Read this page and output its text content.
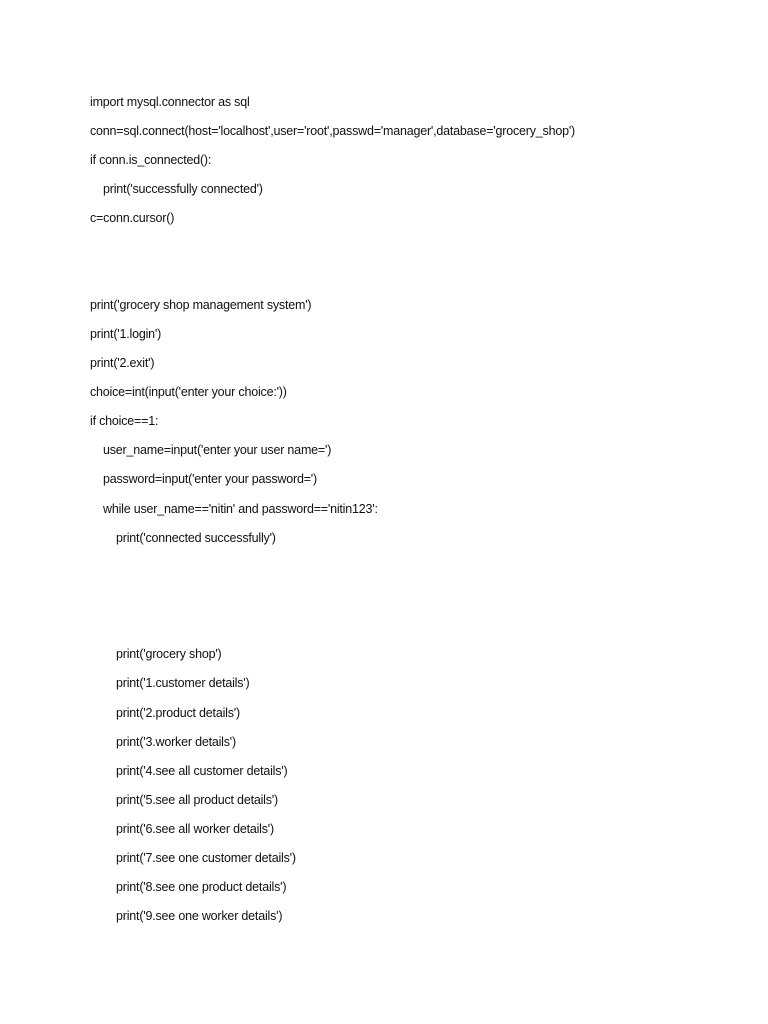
import mysql.connector as sql
conn=sql.connect(host='localhost',user='root',passwd='manager',database='grocery_shop')
if conn.is_connected():
print('successfully connected')
c=conn.cursor()
print('grocery shop management system')
print('1.login')
print('2.exit')
choice=int(input('enter your choice:'))
if choice==1:
user_name=input('enter your user name=')
password=input('enter your password=')
while user_name=='nitin' and password=='nitin123':
print('connected successfully')
print('grocery shop')
print('1.customer details')
print('2.product details')
print('3.worker details')
print('4.see all customer details')
print('5.see all product details')
print('6.see all worker details')
print('7.see one customer details')
print('8.see one product details')
print('9.see one worker details')
